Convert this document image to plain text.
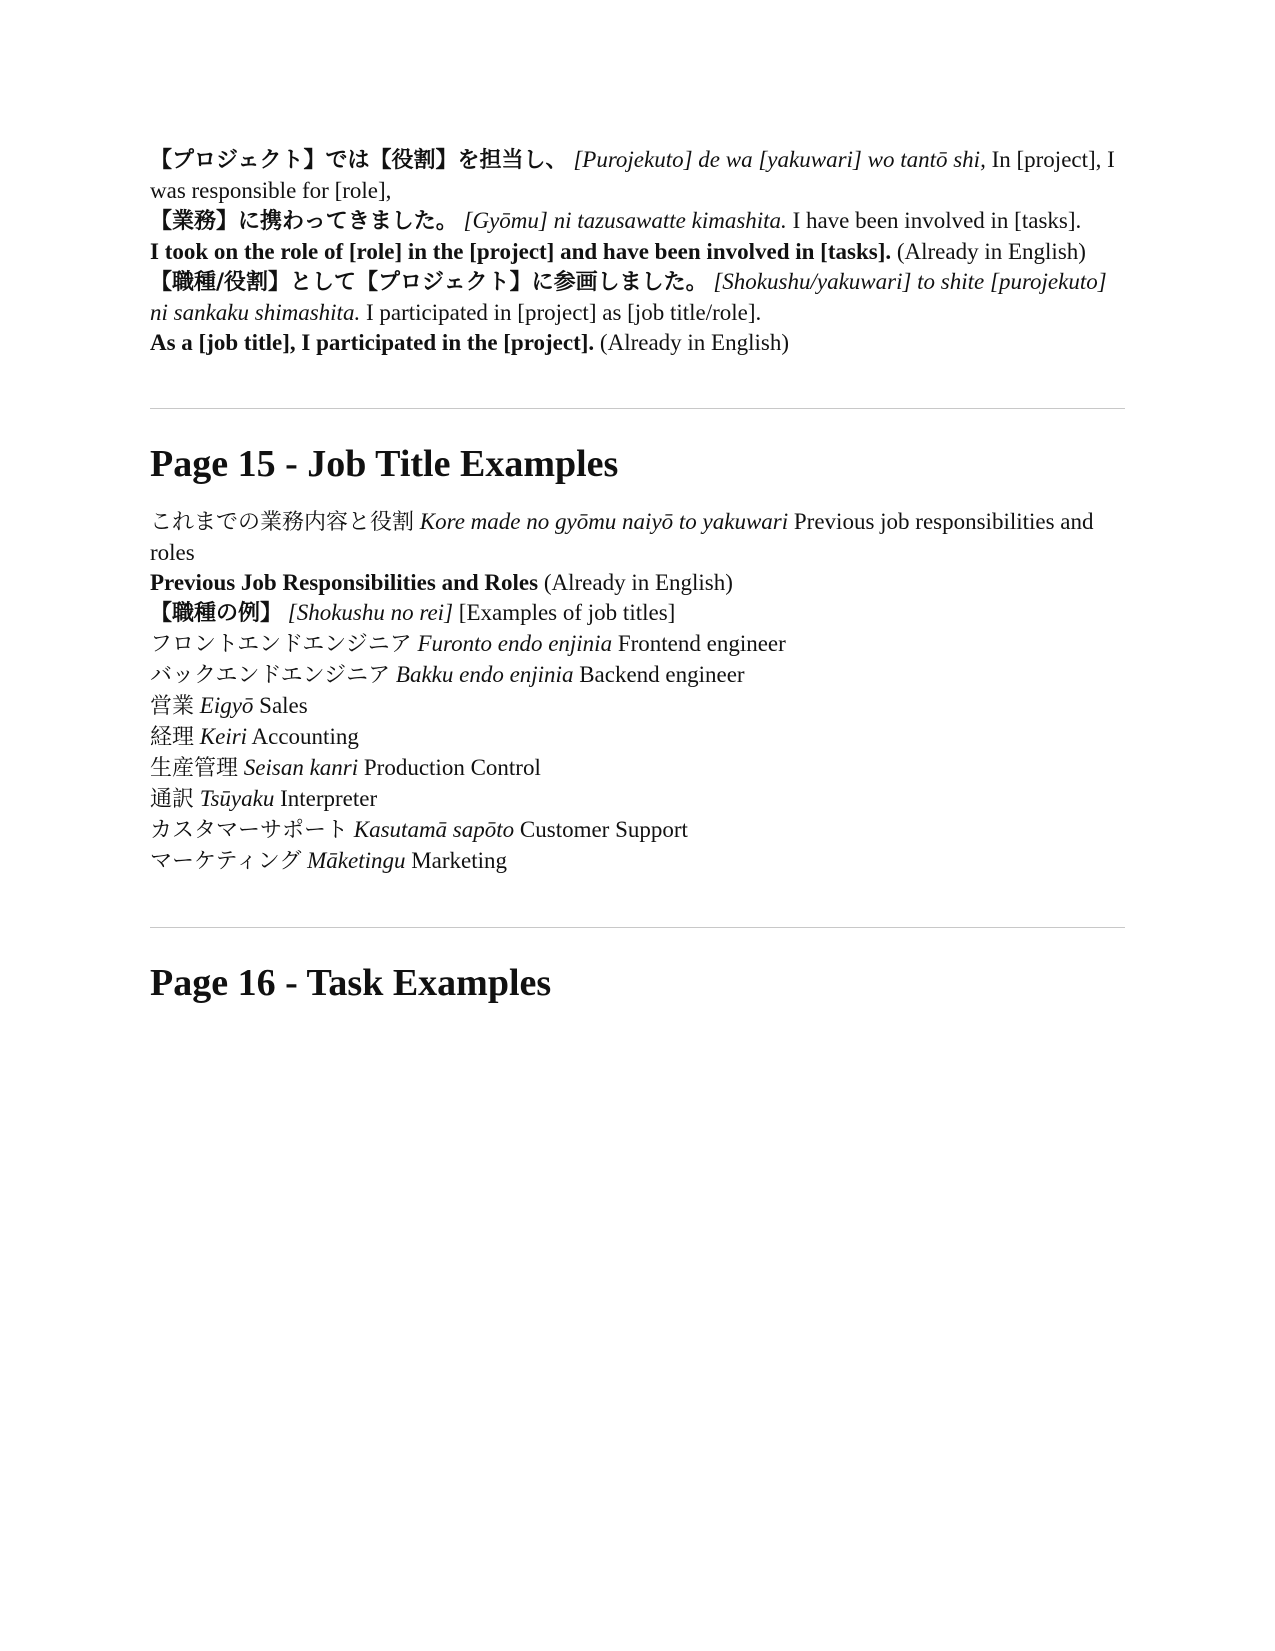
【プロジェクト】では【役割】を担当し、 [Purojekuto] de wa [yakuwari] wo tantō shi, In [project], I was responsible for [role],

【業務】に携わってきました。 [Gyōmu] ni tazusawatte kimashita. I have been involved in [tasks].

I took on the role of [role] in the [project] and have been involved in [tasks]. (Already in English)

【職種/役割】として【プロジェクト】に参画しました。 [Shokushu/yakuwari] to shite [purojekuto] ni sankaku shimashita. I participated in [project] as [job title/role].

As a [job title], I participated in the [project]. (Already in English)

Page 15 - Job Title Examples

これまでの業務内容と役割 Kore made no gyōmu naiyō to yakuwari Previous job responsibilities and roles

Previous Job Responsibilities and Roles (Already in English)

【職種の例】 [Shokushu no rei] [Examples of job titles]

フロントエンドエンジニア Furonto endo enjinia Frontend engineer

バックエンドエンジニア Bakku endo enjinia Backend engineer

営業 Eigyō Sales

経理 Keiri Accounting

生産管理 Seisan kanri Production Control

通訳 Tsūyaku Interpreter

カスタマーサポート Kasutamā sapōto Customer Support

マーケティング Māketingu Marketing

Page 16 - Task Examples
